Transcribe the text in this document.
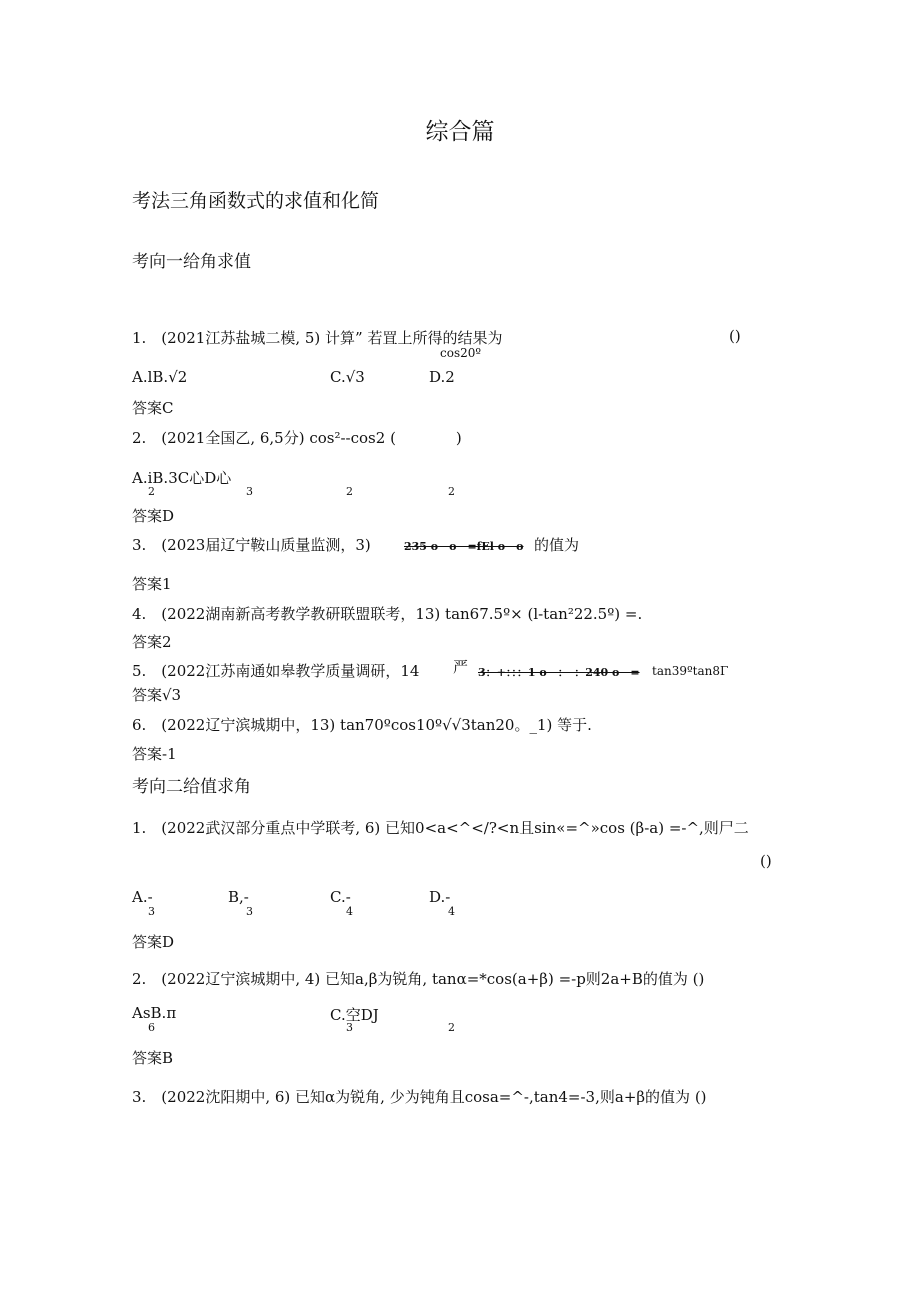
综合篇
考法三角函数式的求值和化简
考向一给角求值
1.　(2021江苏盐城二模, 5) 计算” 若罝上所得的结果为	()
cos20º
A.lB.√2	C.√3	D.2
答案C
2.　(2021全国乙, 6,5分) cos²--cos2 (　　　　)
A.iB.3C心D心
2	3	2	2
答案D
3.　(2023届辽宁鞍山质量监测，3)	235 o　o　=fEl o　o 的值为
答案1
4.　(2022湖南新高考教学教研联盟联考，13) tan67.5º× (l-tan²22.5º) =.
答案2
5.　(2022江苏南通如皋教学质量调研，14 严 3：+：：：1 o　：　：240 o　= tan39ºtan8Γ
答案√3
6.　(2022辽宁滨城期中，13) tan70ºcos10º√√3tan20。_1) 等于.
答案-1
考向二给值求角
1.　(2022武汉部分重点中学联考, 6) 已知0<a<^</?<n且sin«=^»cos (β-a) =-^,则尸二
()
A.-	B,-	C.-	D.-
3	3	4	4
答案D
2.　(2022辽宁滨城期中, 4) 已知a,β为锐角, tanα=*cos(a+β) =-p则2a+B的值为 ()
AsB.π	C.空DJ
6	3	2
答案B
3.　(2022沈阳期中, 6) 已知α为锐角, 少为钝角且cosa=^-,tan4=-3,则a+β的值为 ()
